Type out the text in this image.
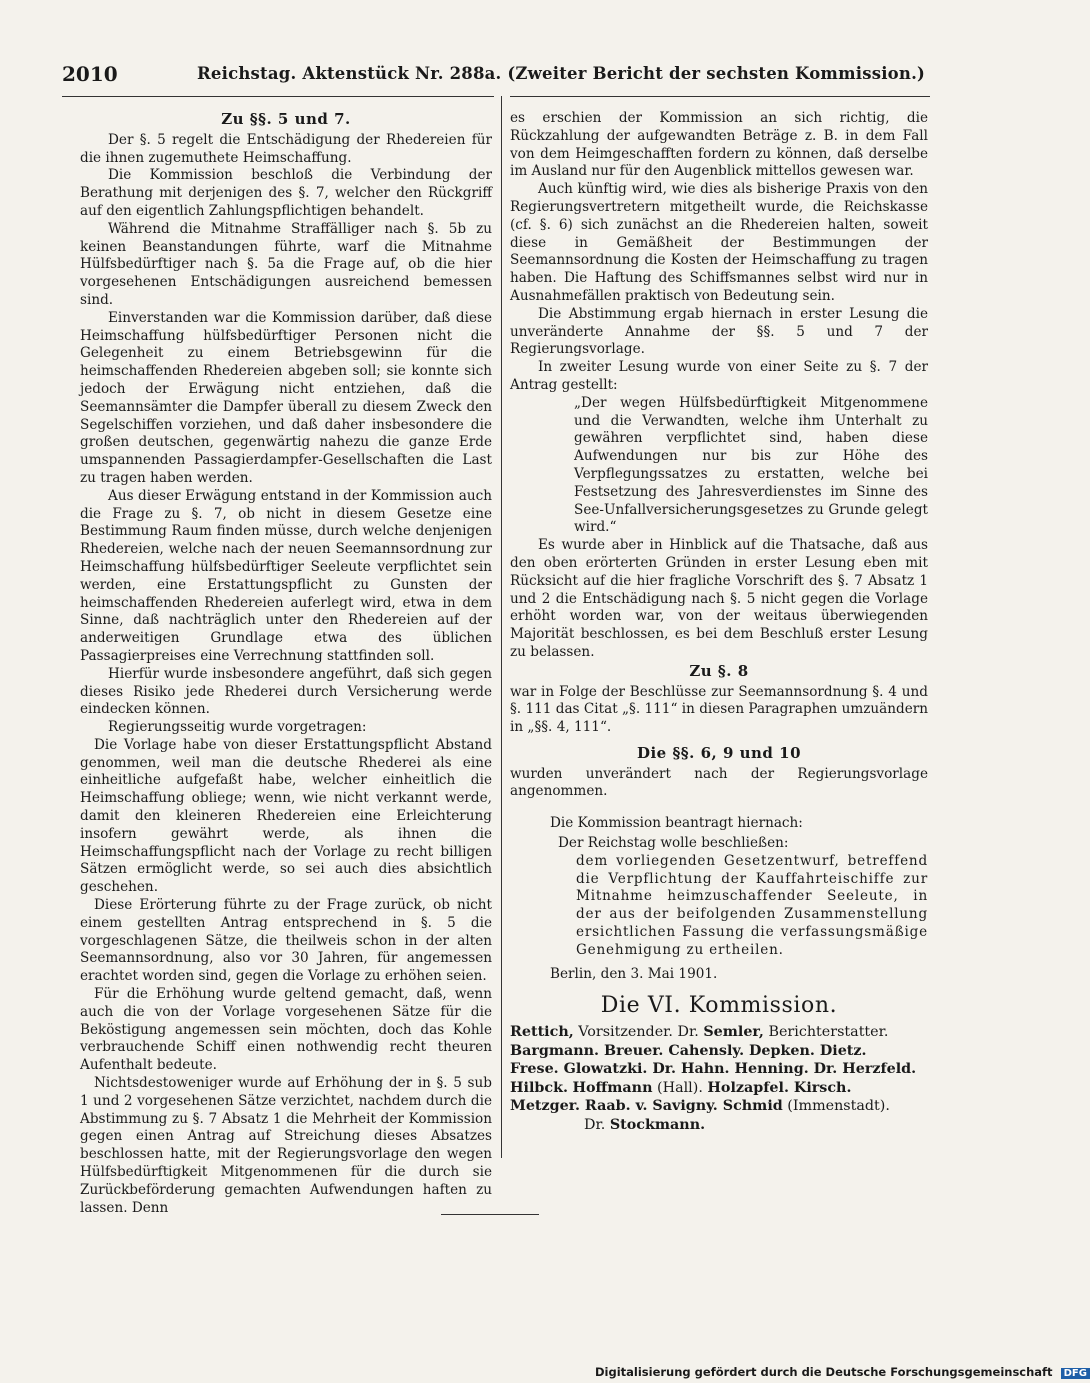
2010	Reichstag. Aktenstück Nr. 288a. (Zweiter Bericht der sechsten Kommission.)
Zu §§. 5 und 7.

Der §. 5 regelt die Entschädigung der Rhedereien für die ihnen zugemuthete Heimschaffung.

Die Kommission beschloß die Verbindung der Berathung mit derjenigen des §. 7, welcher den Rückgriff auf den eigentlich Zahlungspflichtigen behandelt.

Während die Mitnahme Straffälliger nach §. 5b zu keinen Beanstandungen führte, warf die Mitnahme Hülfsbedürftiger nach §. 5a die Frage auf, ob die hier vorgesehenen Entschädigungen ausreichend bemessen sind.

Einverstanden war die Kommission darüber, daß diese Heimschaffung hülfsbedürftiger Personen nicht die Gelegenheit zu einem Betriebsgewinn für die heimschaffenden Rhedereien abgeben soll; sie konnte sich jedoch der Erwägung nicht entziehen, daß die Seemannsämter die Dampfer überall zu diesem Zweck den Segelschiffen vorziehen, und daß daher insbesondere die großen deutschen, gegenwärtig nahezu die ganze Erde umspannenden Passagierdampfer-Gesellschaften die Last zu tragen haben werden.

Aus dieser Erwägung entstand in der Kommission auch die Frage zu §. 7, ob nicht in diesem Gesetze eine Bestimmung Raum finden müsse, durch welche denjenigen Rhedereien, welche nach der neuen Seemannsordnung zur Heimschaffung hülfsbedürftiger Seeleute verpflichtet sein werden, eine Erstattungspflicht zu Gunsten der heimschaffenden Rhedereien auferlegt wird, etwa in dem Sinne, daß nachträglich unter den Rhedereien auf der anderweitigen Grundlage etwa des üblichen Passagierpreises eine Verrechnung stattfinden soll.

Hierfür wurde insbesondere angeführt, daß sich gegen dieses Risiko jede Rhederei durch Versicherung werde eindecken können.

Regierungsseitig wurde vorgetragen:

Die Vorlage habe von dieser Erstattungspflicht Abstand genommen, weil man die deutsche Rhederei als eine einheitliche aufgefaßt habe, welcher einheitlich die Heimschaffung obliege; wenn, wie nicht verkannt werde, damit den kleineren Rhedereien eine Erleichterung insofern gewährt werde, als ihnen die Heimschaffungspflicht nach der Vorlage zu recht billigen Sätzen ermöglicht werde, so sei auch dies absichtlich geschehen.

Diese Erörterung führte zu der Frage zurück, ob nicht einem gestellten Antrag entsprechend in §. 5 die vorgeschlagenen Sätze, die theilweis schon in der alten Seemannsordnung, also vor 30 Jahren, für angemessen erachtet worden sind, gegen die Vorlage zu erhöhen seien.

Für die Erhöhung wurde geltend gemacht, daß, wenn auch die von der Vorlage vorgesehenen Sätze für die Beköstigung angemessen sein möchten, doch das Kohle verbrauchende Schiff einen nothwendig recht theuren Aufenthalt bedeute.

Nichtsdestoweniger wurde auf Erhöhung der in §. 5 sub 1 und 2 vorgesehenen Sätze verzichtet, nachdem durch die Abstimmung zu §. 7 Absatz 1 die Mehrheit der Kommission gegen einen Antrag auf Streichung dieses Absatzes beschlossen hatte, mit der Regierungsvorlage den wegen Hülfsbedürftigkeit Mitgenommenen für die durch sie Zurückbeförderung gemachten Aufwendungen haften zu lassen. Denn

es erschien der Kommission an sich richtig, die Rückzahlung der aufgewandten Beträge z. B. in dem Fall von dem Heimgeschafften fordern zu können, daß derselbe im Ausland nur für den Augenblick mittellos gewesen war.

Auch künftig wird, wie dies als bisherige Praxis von den Regierungsvertretern mitgetheilt wurde, die Reichskasse (cf. §. 6) sich zunächst an die Rhedereien halten, soweit diese in Gemäßheit der Bestimmungen der Seemannsordnung die Kosten der Heimschaffung zu tragen haben. Die Haftung des Schiffsmannes selbst wird nur in Ausnahmefällen praktisch von Bedeutung sein.

Die Abstimmung ergab hiernach in erster Lesung die unveränderte Annahme der §§. 5 und 7 der Regierungsvorlage.

In zweiter Lesung wurde von einer Seite zu §. 7 der Antrag gestellt:

„Der wegen Hülfsbedürftigkeit Mitgenommene und die Verwandten, welche ihm Unterhalt zu gewähren verpflichtet sind, haben diese Aufwendungen nur bis zur Höhe des Verpflegungssatzes zu erstatten, welche bei Festsetzung des Jahresverdienstes im Sinne des See-Unfallversicherungsgesetzes zu Grunde gelegt wird.“

Es wurde aber in Hinblick auf die Thatsache, daß aus den oben erörterten Gründen in erster Lesung eben mit Rücksicht auf die hier fragliche Vorschrift des §. 7 Absatz 1 und 2 die Entschädigung nach §. 5 nicht gegen die Vorlage erhöht worden war, von der weitaus überwiegenden Majorität beschlossen, es bei dem Beschluß erster Lesung zu belassen.

Zu §. 8

war in Folge der Beschlüsse zur Seemannsordnung §. 4 und §. 111 das Citat „§. 111“ in diesen Paragraphen umzuändern in „§§. 4, 111“.

Die §§. 6, 9 und 10

wurden unverändert nach der Regierungsvorlage angenommen.

Die Kommission beantragt hiernach:

Der Reichstag wolle beschließen:

dem vorliegenden Gesetzentwurf, betreffend die Verpflichtung der Kauffahrteischiffe zur Mitnahme heimzuschaffender Seeleute, in der aus der beifolgenden Zusammenstellung ersichtlichen Fassung die verfassungsmäßige Genehmigung zu ertheilen.

Berlin, den 3. Mai 1901.

Die VI. Kommission.
Rettich, Vorsitzender. Dr. Semler, Berichterstatter.
Bargmann. Breuer. Cahensly. Depken. Dietz.
Frese. Glowatzki. Dr. Hahn. Henning. Dr. Herzfeld.
Hilbck. Hoffmann (Hall). Holzapfel. Kirsch.
Metzger. Raab. v. Savigny. Schmid (Immenstadt).
Dr. Stockmann.
Digitalisierung gefördert durch die Deutsche Forschungsgemeinschaft DFG
